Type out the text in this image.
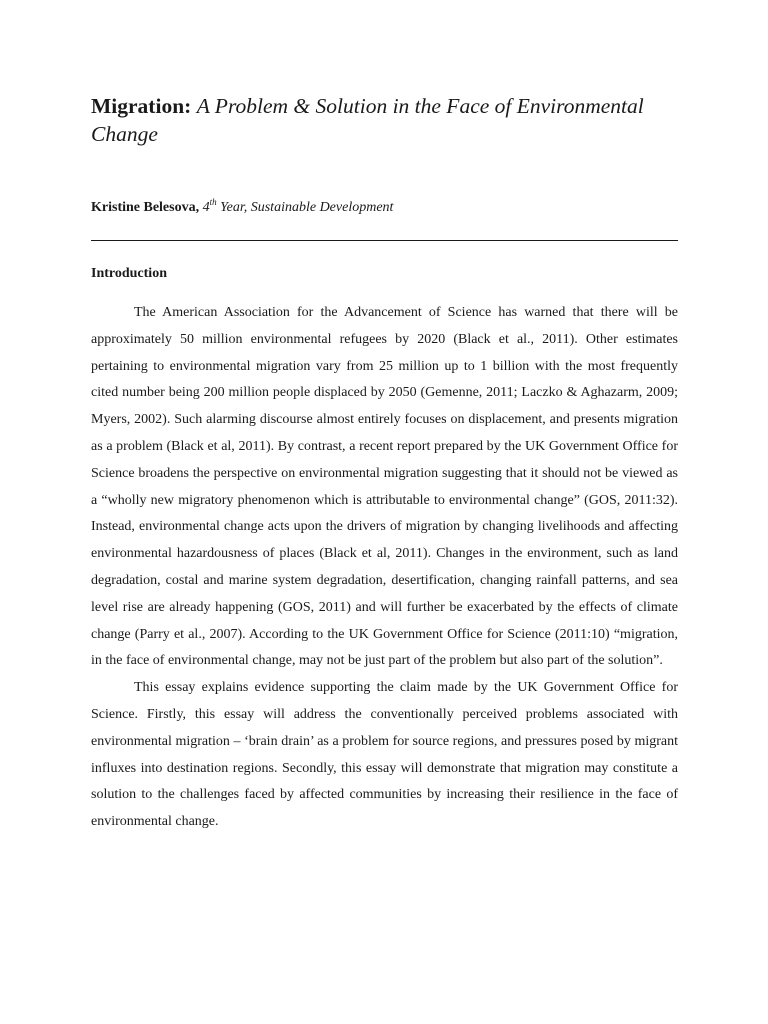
Migration: A Problem & Solution in the Face of Environmental Change
Kristine Belesova, 4th Year, Sustainable Development
Introduction

The American Association for the Advancement of Science has warned that there will be approximately 50 million environmental refugees by 2020 (Black et al., 2011). Other estimates pertaining to environmental migration vary from 25 million up to 1 billion with the most frequently cited number being 200 million people displaced by 2050 (Gemenne, 2011; Laczko & Aghazarm, 2009; Myers, 2002). Such alarming discourse almost entirely focuses on displacement, and presents migration as a problem (Black et al, 2011). By contrast, a recent report prepared by the UK Government Office for Science broadens the perspective on environmental migration suggesting that it should not be viewed as a “wholly new migratory phenomenon which is attributable to environmental change” (GOS, 2011:32). Instead, environmental change acts upon the drivers of migration by changing livelihoods and affecting environmental hazardousness of places (Black et al, 2011). Changes in the environment, such as land degradation, costal and marine system degradation, desertification, changing rainfall patterns, and sea level rise are already happening (GOS, 2011) and will further be exacerbated by the effects of climate change (Parry et al., 2007). According to the UK Government Office for Science (2011:10) “migration, in the face of environmental change, may not be just part of the problem but also part of the solution”.

This essay explains evidence supporting the claim made by the UK Government Office for Science. Firstly, this essay will address the conventionally perceived problems associated with environmental migration – ‘brain drain’ as a problem for source regions, and pressures posed by migrant influxes into destination regions. Secondly, this essay will demonstrate that migration may constitute a solution to the challenges faced by affected communities by increasing their resilience in the face of environmental change.
